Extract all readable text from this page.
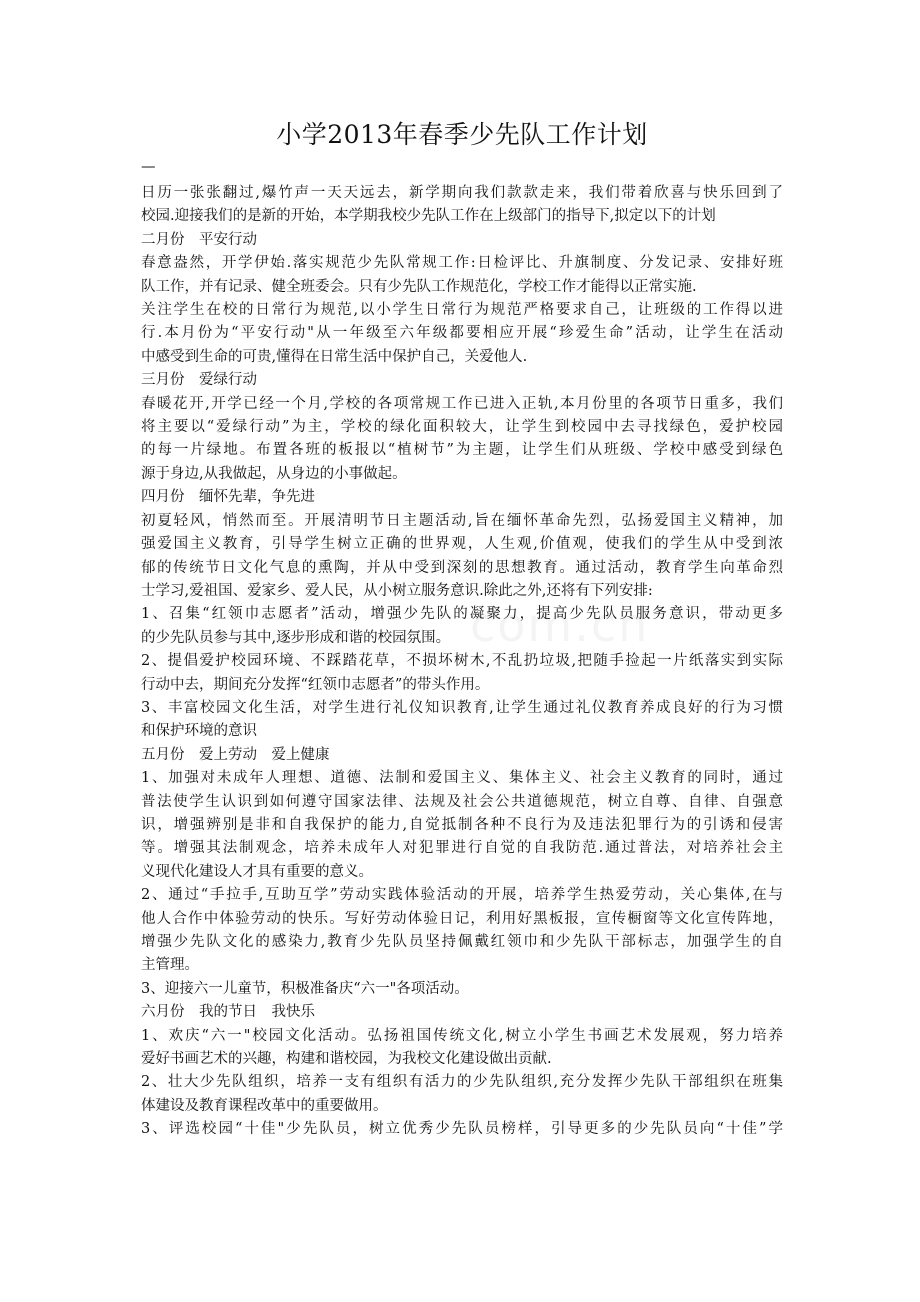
com.cn
小学2013年春季少先队工作计划
—

日历一张张翻过,爆竹声一天天远去，新学期向我们款款走来，我们带着欣喜与快乐回到了

校园.迎接我们的是新的开始，本学期我校少先队工作在上级部门的指导下,拟定以下的计划

二月份　平安行动

春意盎然，开学伊始.落实规范少先队常规工作:日检评比、升旗制度、分发记录、安排好班

队工作，并有记录、健全班委会。只有少先队工作规范化，学校工作才能得以正常实施.

关注学生在校的日常行为规范,以小学生日常行为规范严格要求自己，让班级的工作得以进

行.本月份为“平安行动"从一年级至六年级都要相应开展“珍爱生命”活动，让学生在活动

中感受到生命的可贵,懂得在日常生活中保护自己，关爱他人.

三月份　爱绿行动

春暖花开,开学已经一个月,学校的各项常规工作已进入正轨,本月份里的各项节日重多，我们

将主要以“爱绿行动”为主，学校的绿化面积较大，让学生到校园中去寻找绿色，爱护校园

的每一片绿地。布置各班的板报以“植树节”为主题，让学生们从班级、学校中感受到绿色

源于身边,从我做起，从身边的小事做起。

四月份　缅怀先辈，争先进

初夏轻风，悄然而至。开展清明节日主题活动,旨在缅怀革命先烈，弘扬爱国主义精神，加

强爱国主义教育，引导学生树立正确的世界观，人生观,价值观，使我们的学生从中受到浓

郁的传统节日文化气息的熏陶，并从中受到深刻的思想教育。通过活动，教育学生向革命烈

士学习,爱祖国、爱家乡、爱人民，从小树立服务意识.除此之外,还将有下列安排:

1、召集“红领巾志愿者”活动，增强少先队的凝聚力，提高少先队员服务意识，带动更多

的少先队员参与其中,逐步形成和谐的校园氛围。

2、提倡爱护校园环境、不踩踏花草，不损坏树木,不乱扔垃圾,把随手捡起一片纸落实到实际

行动中去，期间充分发挥“红领巾志愿者”的带头作用。

3、丰富校园文化生活，对学生进行礼仪知识教育,让学生通过礼仪教育养成良好的行为习惯

和保护环境的意识

五月份　爱上劳动　爱上健康

1、加强对未成年人理想、道德、法制和爱国主义、集体主义、社会主义教育的同时，通过

普法使学生认识到如何遵守国家法律、法规及社会公共道德规范，树立自尊、自律、自强意

识，增强辨别是非和自我保护的能力,自觉抵制各种不良行为及违法犯罪行为的引诱和侵害

等。增强其法制观念，培养未成年人对犯罪进行自觉的自我防范.通过普法，对培养社会主

义现代化建设人才具有重要的意义。

2、通过“手拉手,互助互学”劳动实践体验活动的开展，培养学生热爱劳动，关心集体,在与

他人合作中体验劳动的快乐。写好劳动体验日记，利用好黑板报，宣传橱窗等文化宣传阵地，

增强少先队文化的感染力,教育少先队员坚持佩戴红领巾和少先队干部标志，加强学生的自

主管理。

3、迎接六一儿童节，积极准备庆“六一"各项活动。

六月份　我的节日　我快乐

1、欢庆“六一"校园文化活动。弘扬祖国传统文化,树立小学生书画艺术发展观，努力培养

爱好书画艺术的兴趣，构建和谐校园，为我校文化建设做出贡献.

2、壮大少先队组织，培养一支有组织有活力的少先队组织,充分发挥少先队干部组织在班集

体建设及教育课程改革中的重要做用。

3、评选校园“十佳"少先队员，树立优秀少先队员榜样，引导更多的少先队员向“十佳”学
